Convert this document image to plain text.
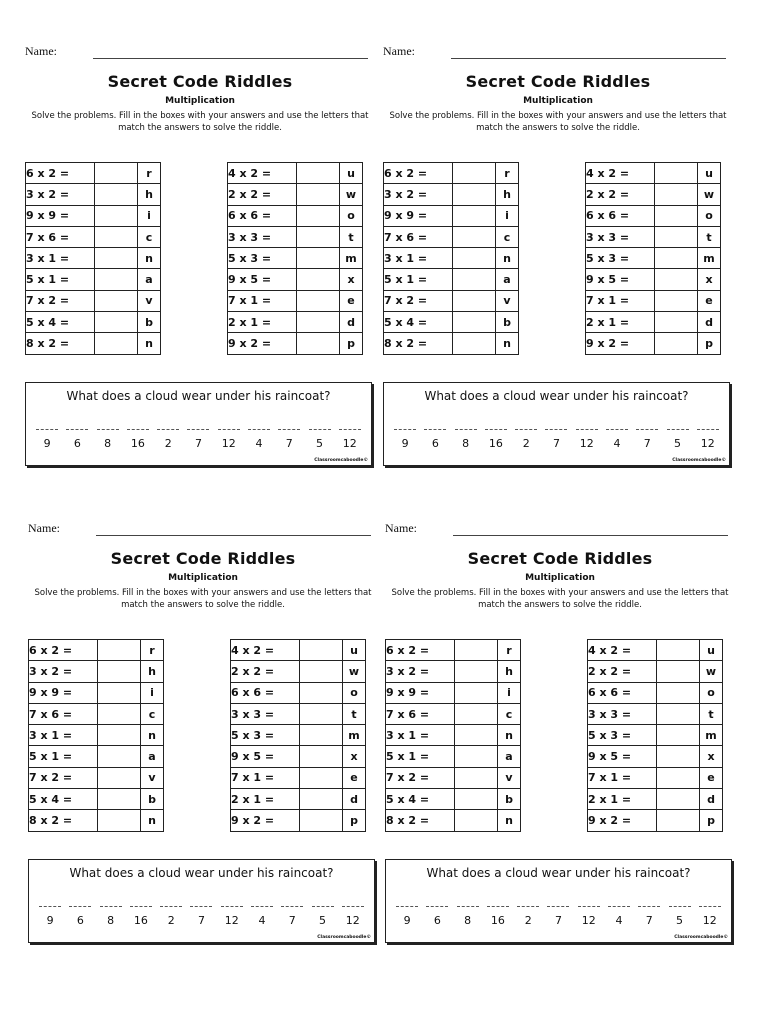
Name:
Secret Code Riddles
Multiplication
Solve the problems. Fill in the boxes with your answers and use the letters that match the answers to solve the riddle.
6 x 2 =		r
3 x 2 =		h
9 x 9 =		i
7 x 6 =		c
3 x 1 =		n
5 x 1 =		a
7 x 2 =		v
5 x 4 =		b
8 x 2 =		n
4 x 2 =		u
2 x 2 =		w
6 x 6 =		o
3 x 3 =		t
5 x 3 =		m
9 x 5 =		x
7 x 1 =		e
2 x 1 =		d
9 x 2 =		p
What does a cloud wear under his raincoat?
9	6	8	16	2	7	12	4	7	5	12
Classroomcaboodle©
Name:
Secret Code Riddles
Multiplication
Solve the problems. Fill in the boxes with your answers and use the letters that match the answers to solve the riddle.
6 x 2 =		r
3 x 2 =		h
9 x 9 =		i
7 x 6 =		c
3 x 1 =		n
5 x 1 =		a
7 x 2 =		v
5 x 4 =		b
8 x 2 =		n
4 x 2 =		u
2 x 2 =		w
6 x 6 =		o
3 x 3 =		t
5 x 3 =		m
9 x 5 =		x
7 x 1 =		e
2 x 1 =		d
9 x 2 =		p
What does a cloud wear under his raincoat?
9	6	8	16	2	7	12	4	7	5	12
Classroomcaboodle©
Name:
Secret Code Riddles
Multiplication
Solve the problems. Fill in the boxes with your answers and use the letters that match the answers to solve the riddle.
6 x 2 =		r
3 x 2 =		h
9 x 9 =		i
7 x 6 =		c
3 x 1 =		n
5 x 1 =		a
7 x 2 =		v
5 x 4 =		b
8 x 2 =		n
4 x 2 =		u
2 x 2 =		w
6 x 6 =		o
3 x 3 =		t
5 x 3 =		m
9 x 5 =		x
7 x 1 =		e
2 x 1 =		d
9 x 2 =		p
What does a cloud wear under his raincoat?
9	6	8	16	2	7	12	4	7	5	12
Classroomcaboodle©
Name:
Secret Code Riddles
Multiplication
Solve the problems. Fill in the boxes with your answers and use the letters that match the answers to solve the riddle.
6 x 2 =		r
3 x 2 =		h
9 x 9 =		i
7 x 6 =		c
3 x 1 =		n
5 x 1 =		a
7 x 2 =		v
5 x 4 =		b
8 x 2 =		n
4 x 2 =		u
2 x 2 =		w
6 x 6 =		o
3 x 3 =		t
5 x 3 =		m
9 x 5 =		x
7 x 1 =		e
2 x 1 =		d
9 x 2 =		p
What does a cloud wear under his raincoat?
9	6	8	16	2	7	12	4	7	5	12
Classroomcaboodle©
